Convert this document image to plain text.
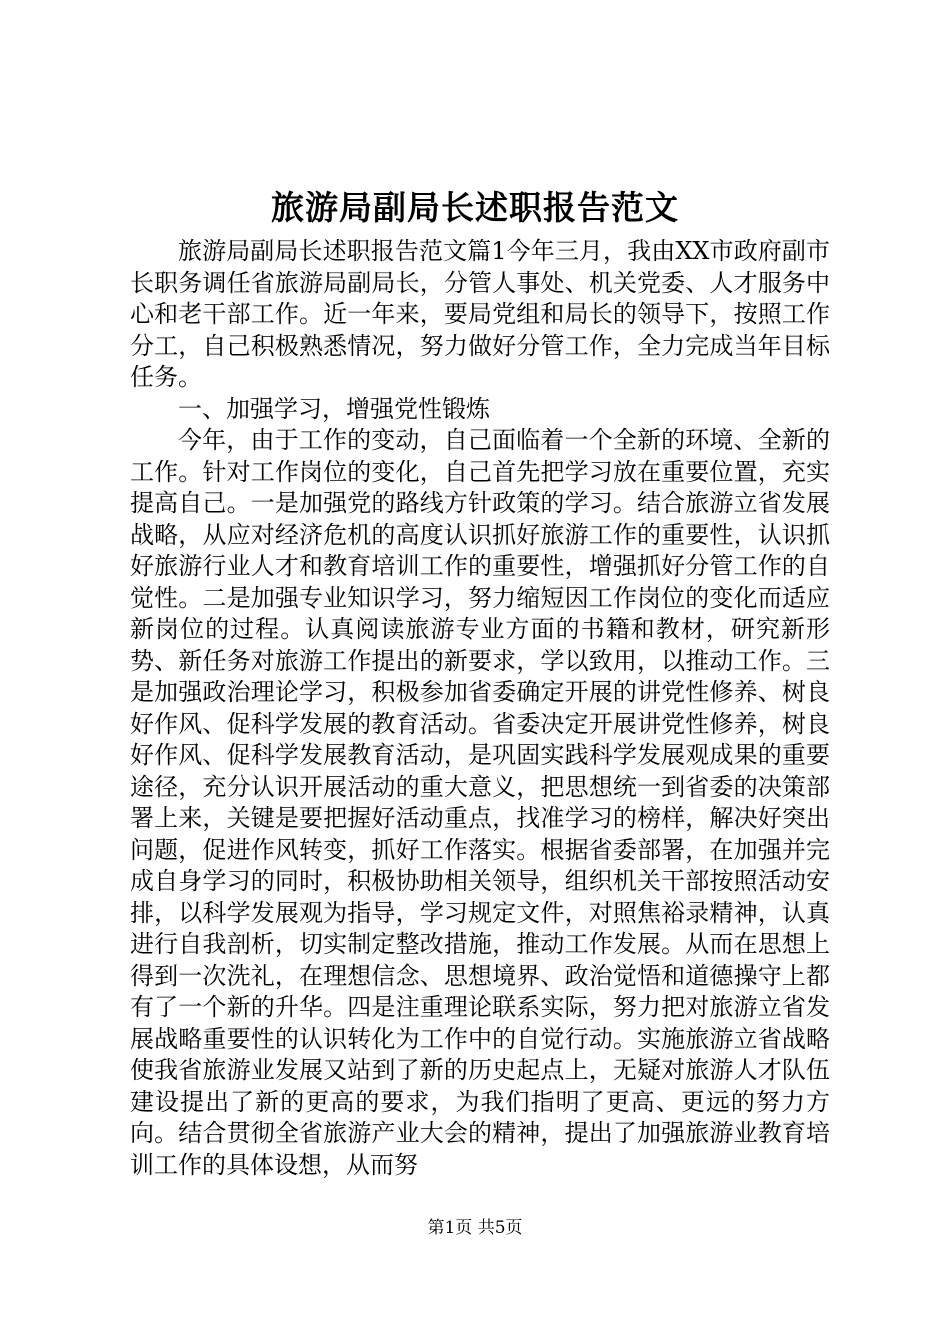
旅游局副局长述职报告范文

旅游局副局长述职报告范文篇1今年三月，我由XX市政府副市长职务调任省旅游局副局长，分管人事处、机关党委、人才服务中心和老干部工作。近一年来，要局党组和局长的领导下，按照工作分工，自己积极熟悉情况，努力做好分管工作，全力完成当年目标任务。

一、加强学习，增强党性锻炼

今年，由于工作的变动，自己面临着一个全新的环境、全新的工作。针对工作岗位的变化，自己首先把学习放在重要位置，充实提高自己。一是加强党的路线方针政策的学习。结合旅游立省发展战略，从应对经济危机的高度认识抓好旅游工作的重要性，认识抓好旅游行业人才和教育培训工作的重要性，增强抓好分管工作的自觉性。二是加强专业知识学习，努力缩短因工作岗位的变化而适应新岗位的过程。认真阅读旅游专业方面的书籍和教材，研究新形势、新任务对旅游工作提出的新要求，学以致用，以推动工作。三是加强政治理论学习，积极参加省委确定开展的讲党性修养、树良好作风、促科学发展的教育活动。省委决定开展讲党性修养，树良好作风、促科学发展教育活动，是巩固实践科学发展观成果的重要途径，充分认识开展活动的重大意义，把思想统一到省委的决策部署上来，关键是要把握好活动重点，找准学习的榜样，解决好突出问题，促进作风转变，抓好工作落实。根据省委部署，在加强并完成自身学习的同时，积极协助相关领导，组织机关干部按照活动安排，以科学发展观为指导，学习规定文件，对照焦裕录精神，认真进行自我剖析，切实制定整改措施，推动工作发展。从而在思想上得到一次洗礼，在理想信念、思想境界、政治觉悟和道德操守上都有了一个新的升华。四是注重理论联系实际，努力把对旅游立省发展战略重要性的认识转化为工作中的自觉行动。实施旅游立省战略使我省旅游业发展又站到了新的历史起点上，无疑对旅游人才队伍建设提出了新的更高的要求，为我们指明了更高、更远的努力方向。结合贯彻全省旅游产业大会的精神，提出了加强旅游业教育培训工作的具体设想，从而努

第1页 共5页
